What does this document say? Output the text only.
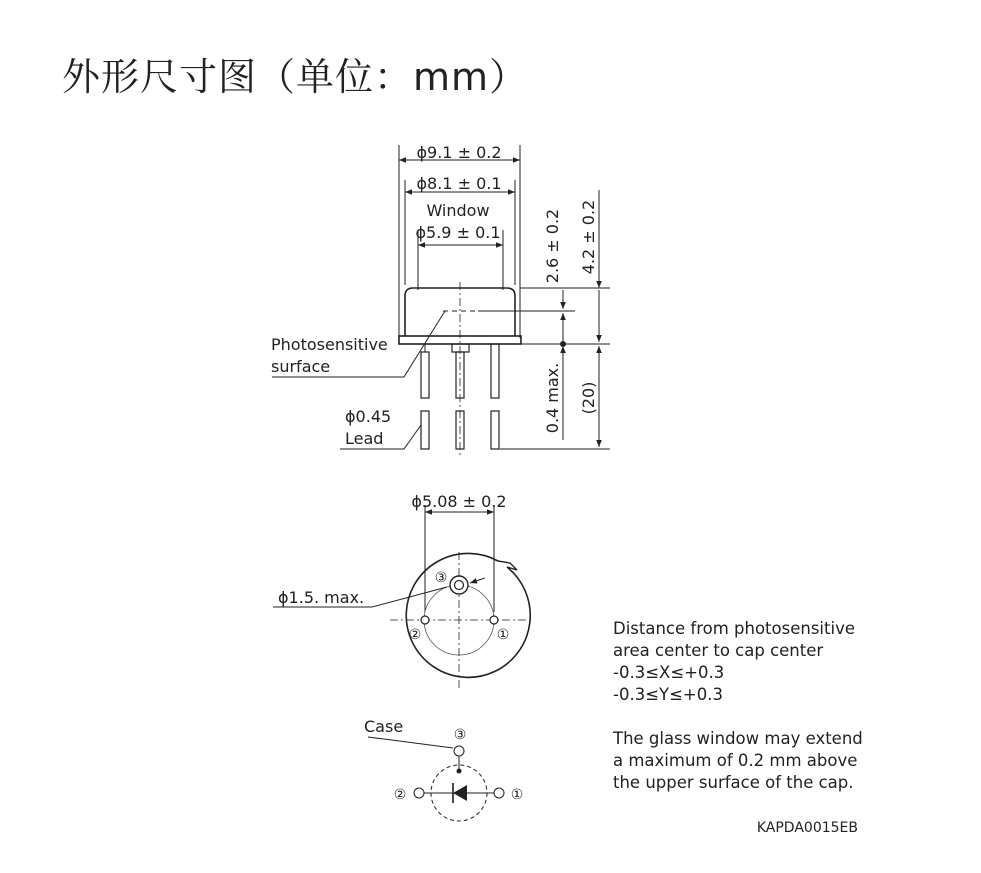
外形尺寸图（单位：mm）
ϕ9.1 ± 0.2
ϕ8.1 ± 0.1
Window
ϕ5.9 ± 0.1	2.6 ± 0.2 4.2 ± 0.2
0.4 max. (20)
Photosensitive
surface
ϕ0.45
Lead
ϕ5.08 ± 0.2
ϕ1.5. max.
③
②	①
Case	③
②	①
Distance from photosensitive
area center to cap center
-0.3≤X≤+0.3
-0.3≤Y≤+0.3
The glass window may extend
a maximum of 0.2 mm above
the upper surface of the cap.
KAPDA0015EB
